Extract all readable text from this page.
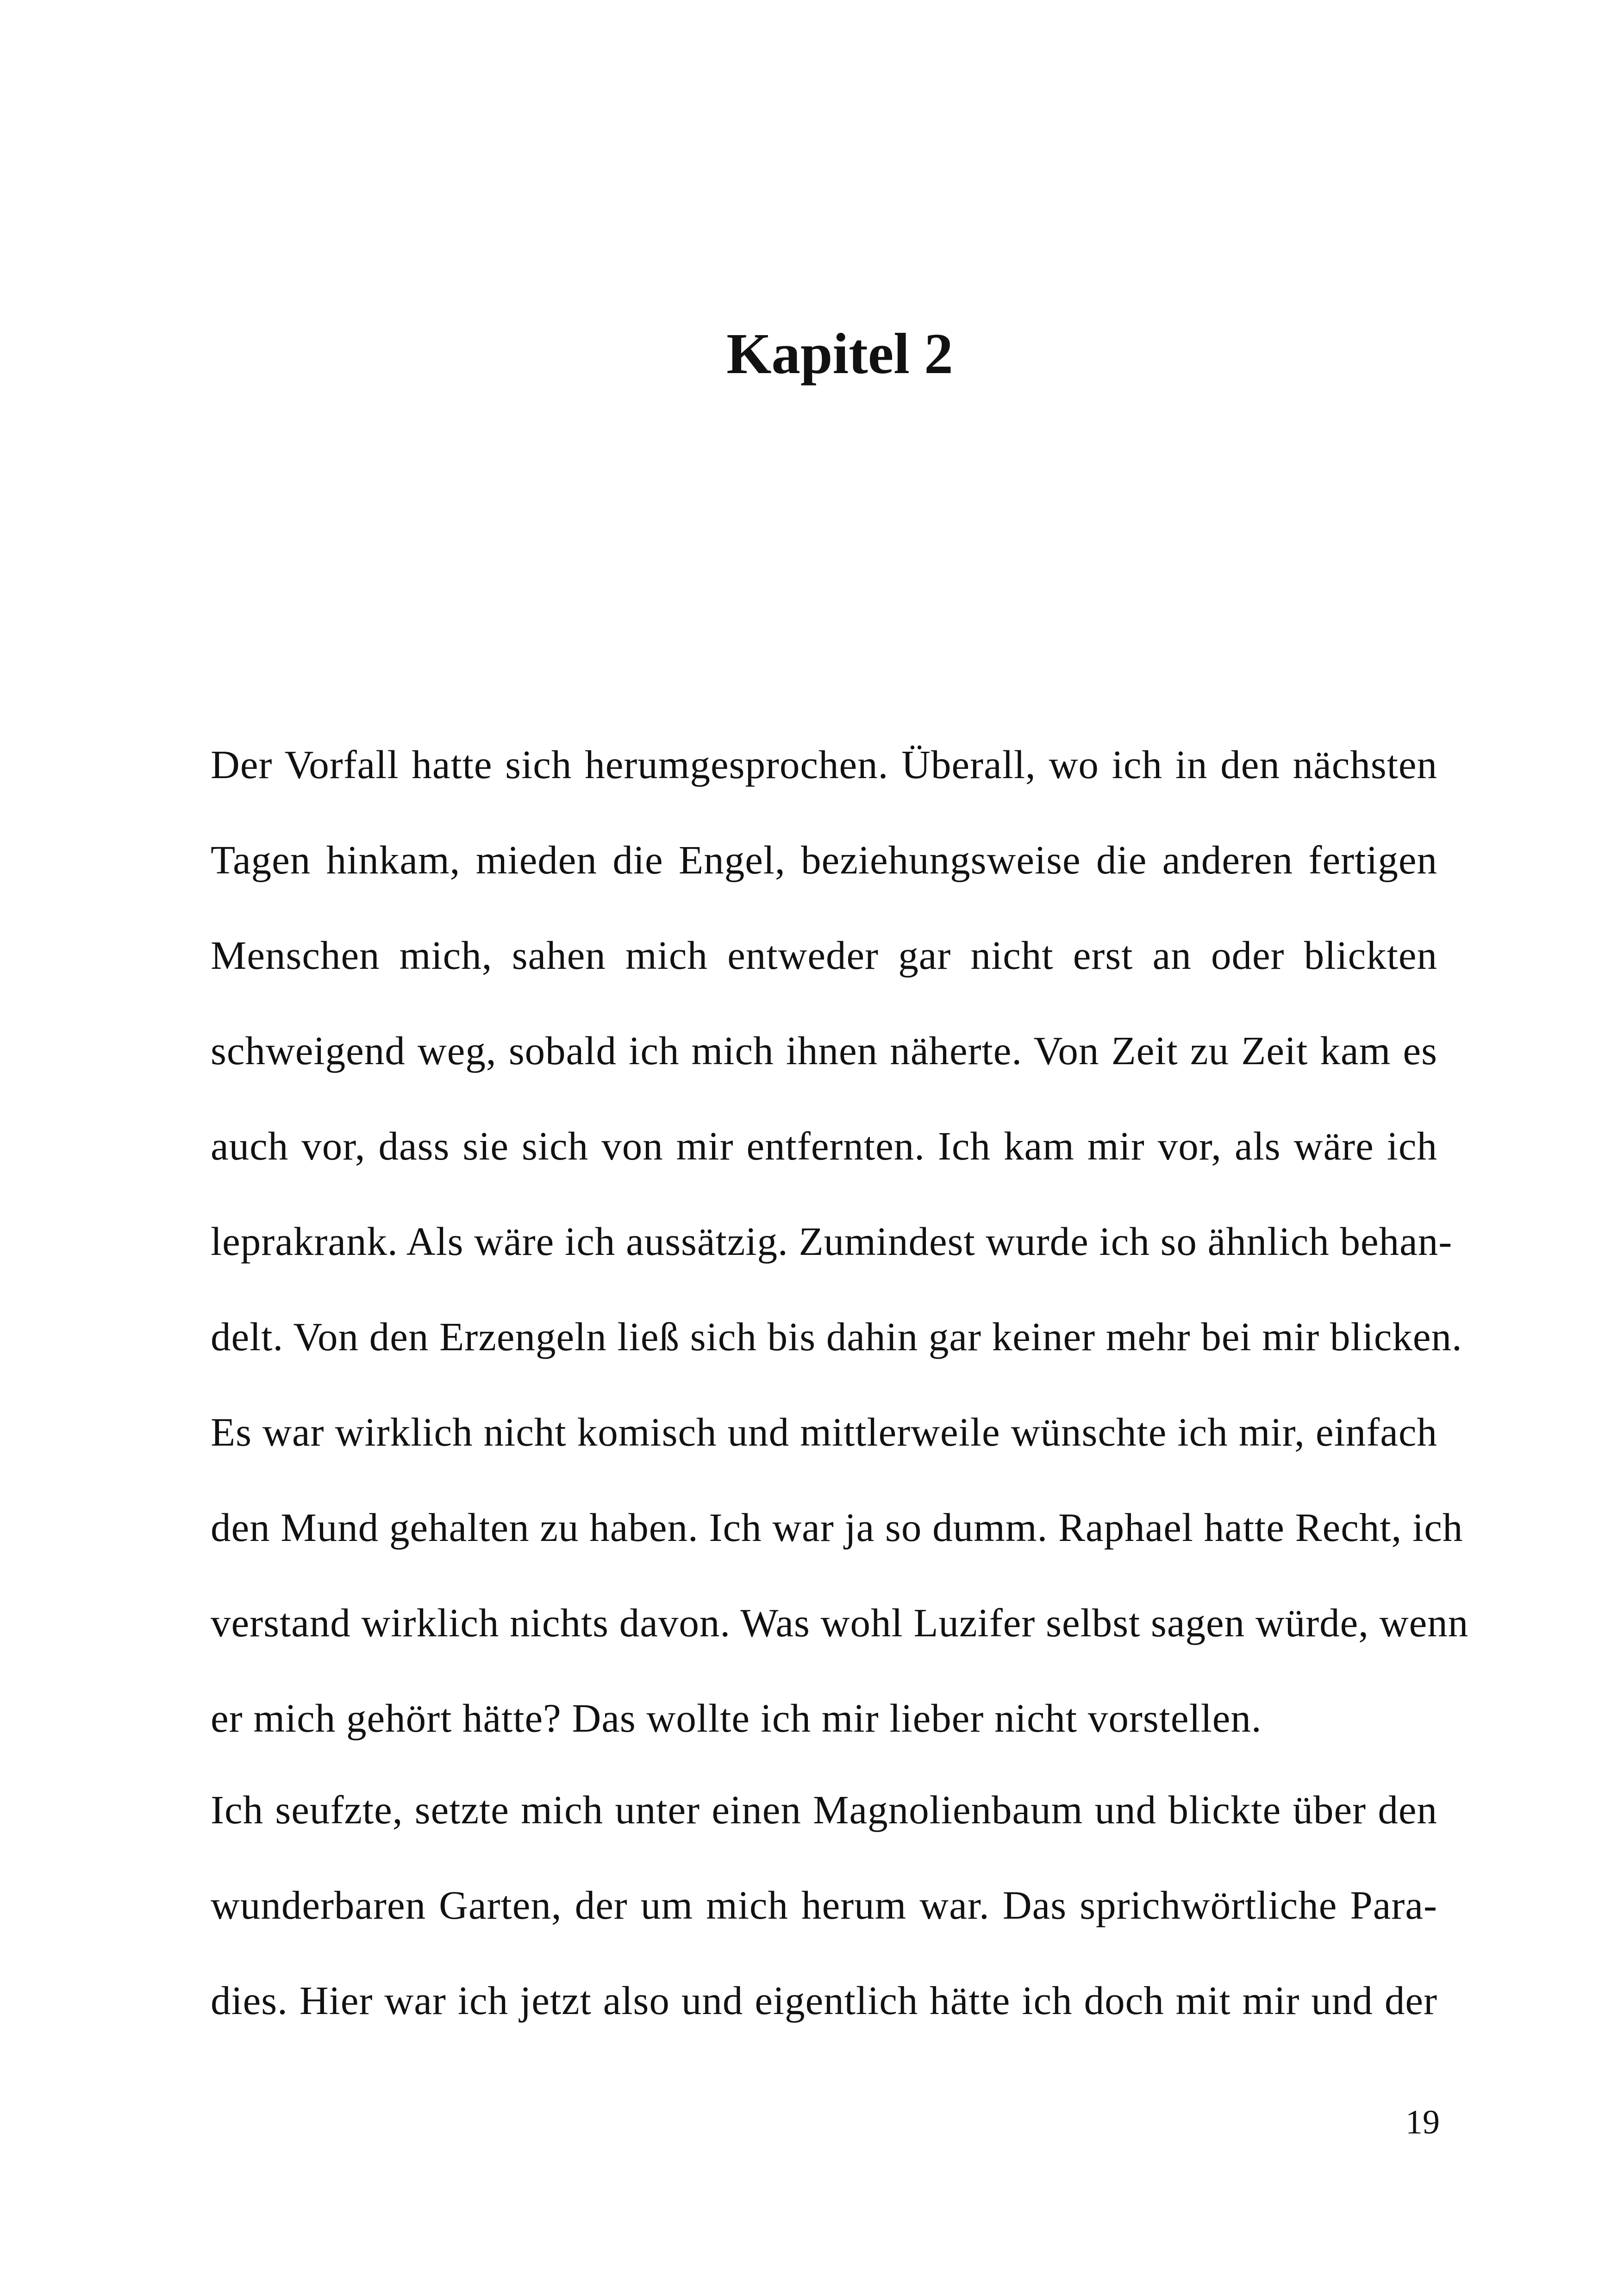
Kapitel 2
Der Vorfall hatte sich herumgesprochen. Überall, wo ich in den nächsten
Tagen hinkam, mieden die Engel, beziehungsweise die anderen fertigen
Menschen mich, sahen mich entweder gar nicht erst an oder blickten
schweigend weg, sobald ich mich ihnen näherte. Von Zeit zu Zeit kam es
auch vor, dass sie sich von mir entfernten. Ich kam mir vor, als wäre ich
leprakrank. Als wäre ich aussätzig. Zumindest wurde ich so ähnlich behan-
delt. Von den Erzengeln ließ sich bis dahin gar keiner mehr bei mir blicken.
Es war wirklich nicht komisch und mittlerweile wünschte ich mir, einfach
den Mund gehalten zu haben. Ich war ja so dumm. Raphael hatte Recht, ich
verstand wirklich nichts davon. Was wohl Luzifer selbst sagen würde, wenn
er mich gehört hätte? Das wollte ich mir lieber nicht vorstellen.
Ich seufzte, setzte mich unter einen Magnolienbaum und blickte über den
wunderbaren Garten, der um mich herum war. Das sprichwörtliche Para-
dies. Hier war ich jetzt also und eigentlich hätte ich doch mit mir und der
19
